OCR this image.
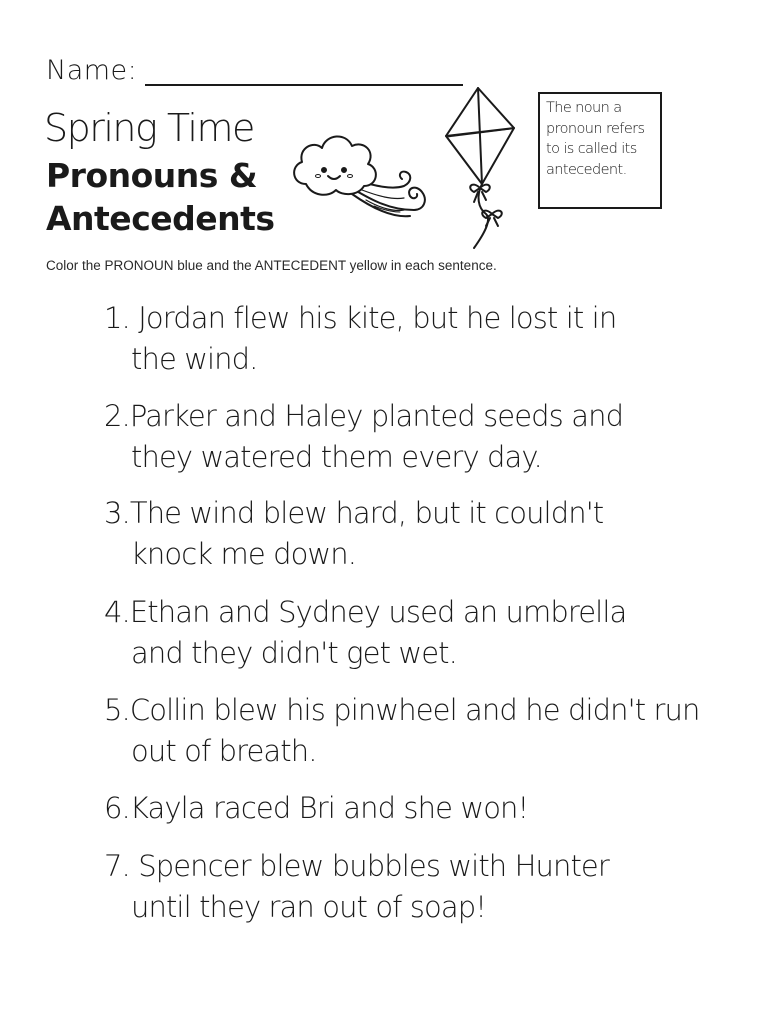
Name:
Spring Time
Pronouns &
Antecedents
The noun a pronoun refers to is called its antecedent.
Color the PRONOUN blue and the ANTECEDENT yellow in each sentence.

1. Jordan flew his kite, but he lost it in
the wind.

2.Parker and Haley planted seeds and
they watered them every day.

3.The wind blew hard, but it couldn't
knock me down.

4.Ethan and Sydney used an umbrella
and they didn't get wet.

5.Collin blew his pinwheel and he didn't run
out of breath.

6.Kayla raced Bri and she won!

7. Spencer blew bubbles with Hunter
until they ran out of soap!
